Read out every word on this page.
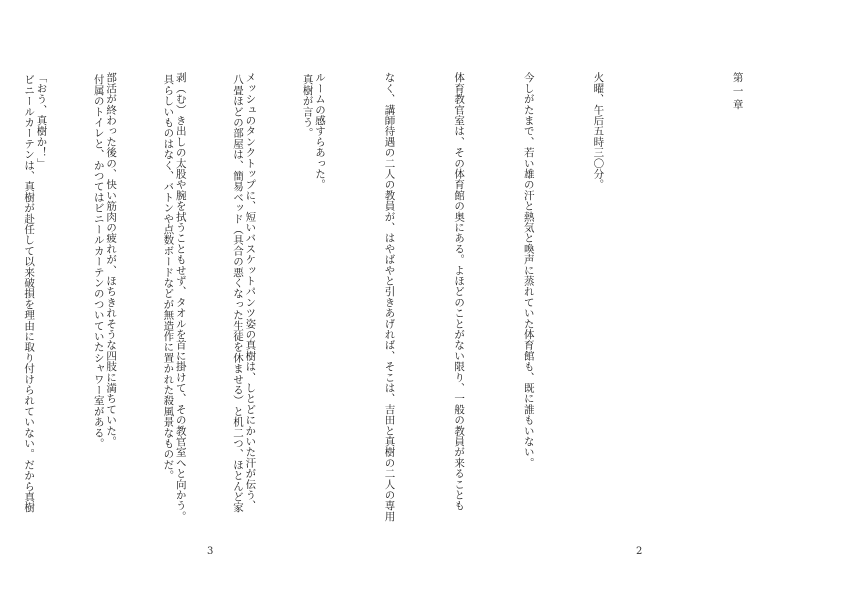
真樹が言う。

八畳ほどの部屋は、簡易ベッド（具合の悪くなった生徒を休ませる）と机二つ、ほとんど家

具らしいものはなく、バトンや点数ボードなどが無造作に置かれた殺風景なものだ。

付属のトイレと、かつてはビニールカーテンのついていたシャワー室がある。

ビニールカーテンは、真樹が赴任して以来破損を理由に取り付けられていない。だから真樹

3

第一章

火曜、午后五時三〇分。

今しがたまで、若い雄の汗と熱気と喚声に蒸れていた体育館も、既に誰もいない。

体育教官室は、その体育館の奥にある。よほどのことがない限り、一般の教員が来ることも

なく、講師待遇の二人の教員が、はやばやと引きあげれば、そこは、吉田と真樹の二人の専用

ルームの感すらあった。

メッシュのタンクトップに、短いバスケットパンツ姿の真樹は、しとどにかいた汗が伝う、

剥（む）き出しの太股や腕を拭うこともせず、タオルを首に掛けて、その教官室へと向かう。

部活が終わった後の、快い筋肉の疲れが、ほちきれそうな四肢に満ちていた。

「おう、真樹か！」

2
